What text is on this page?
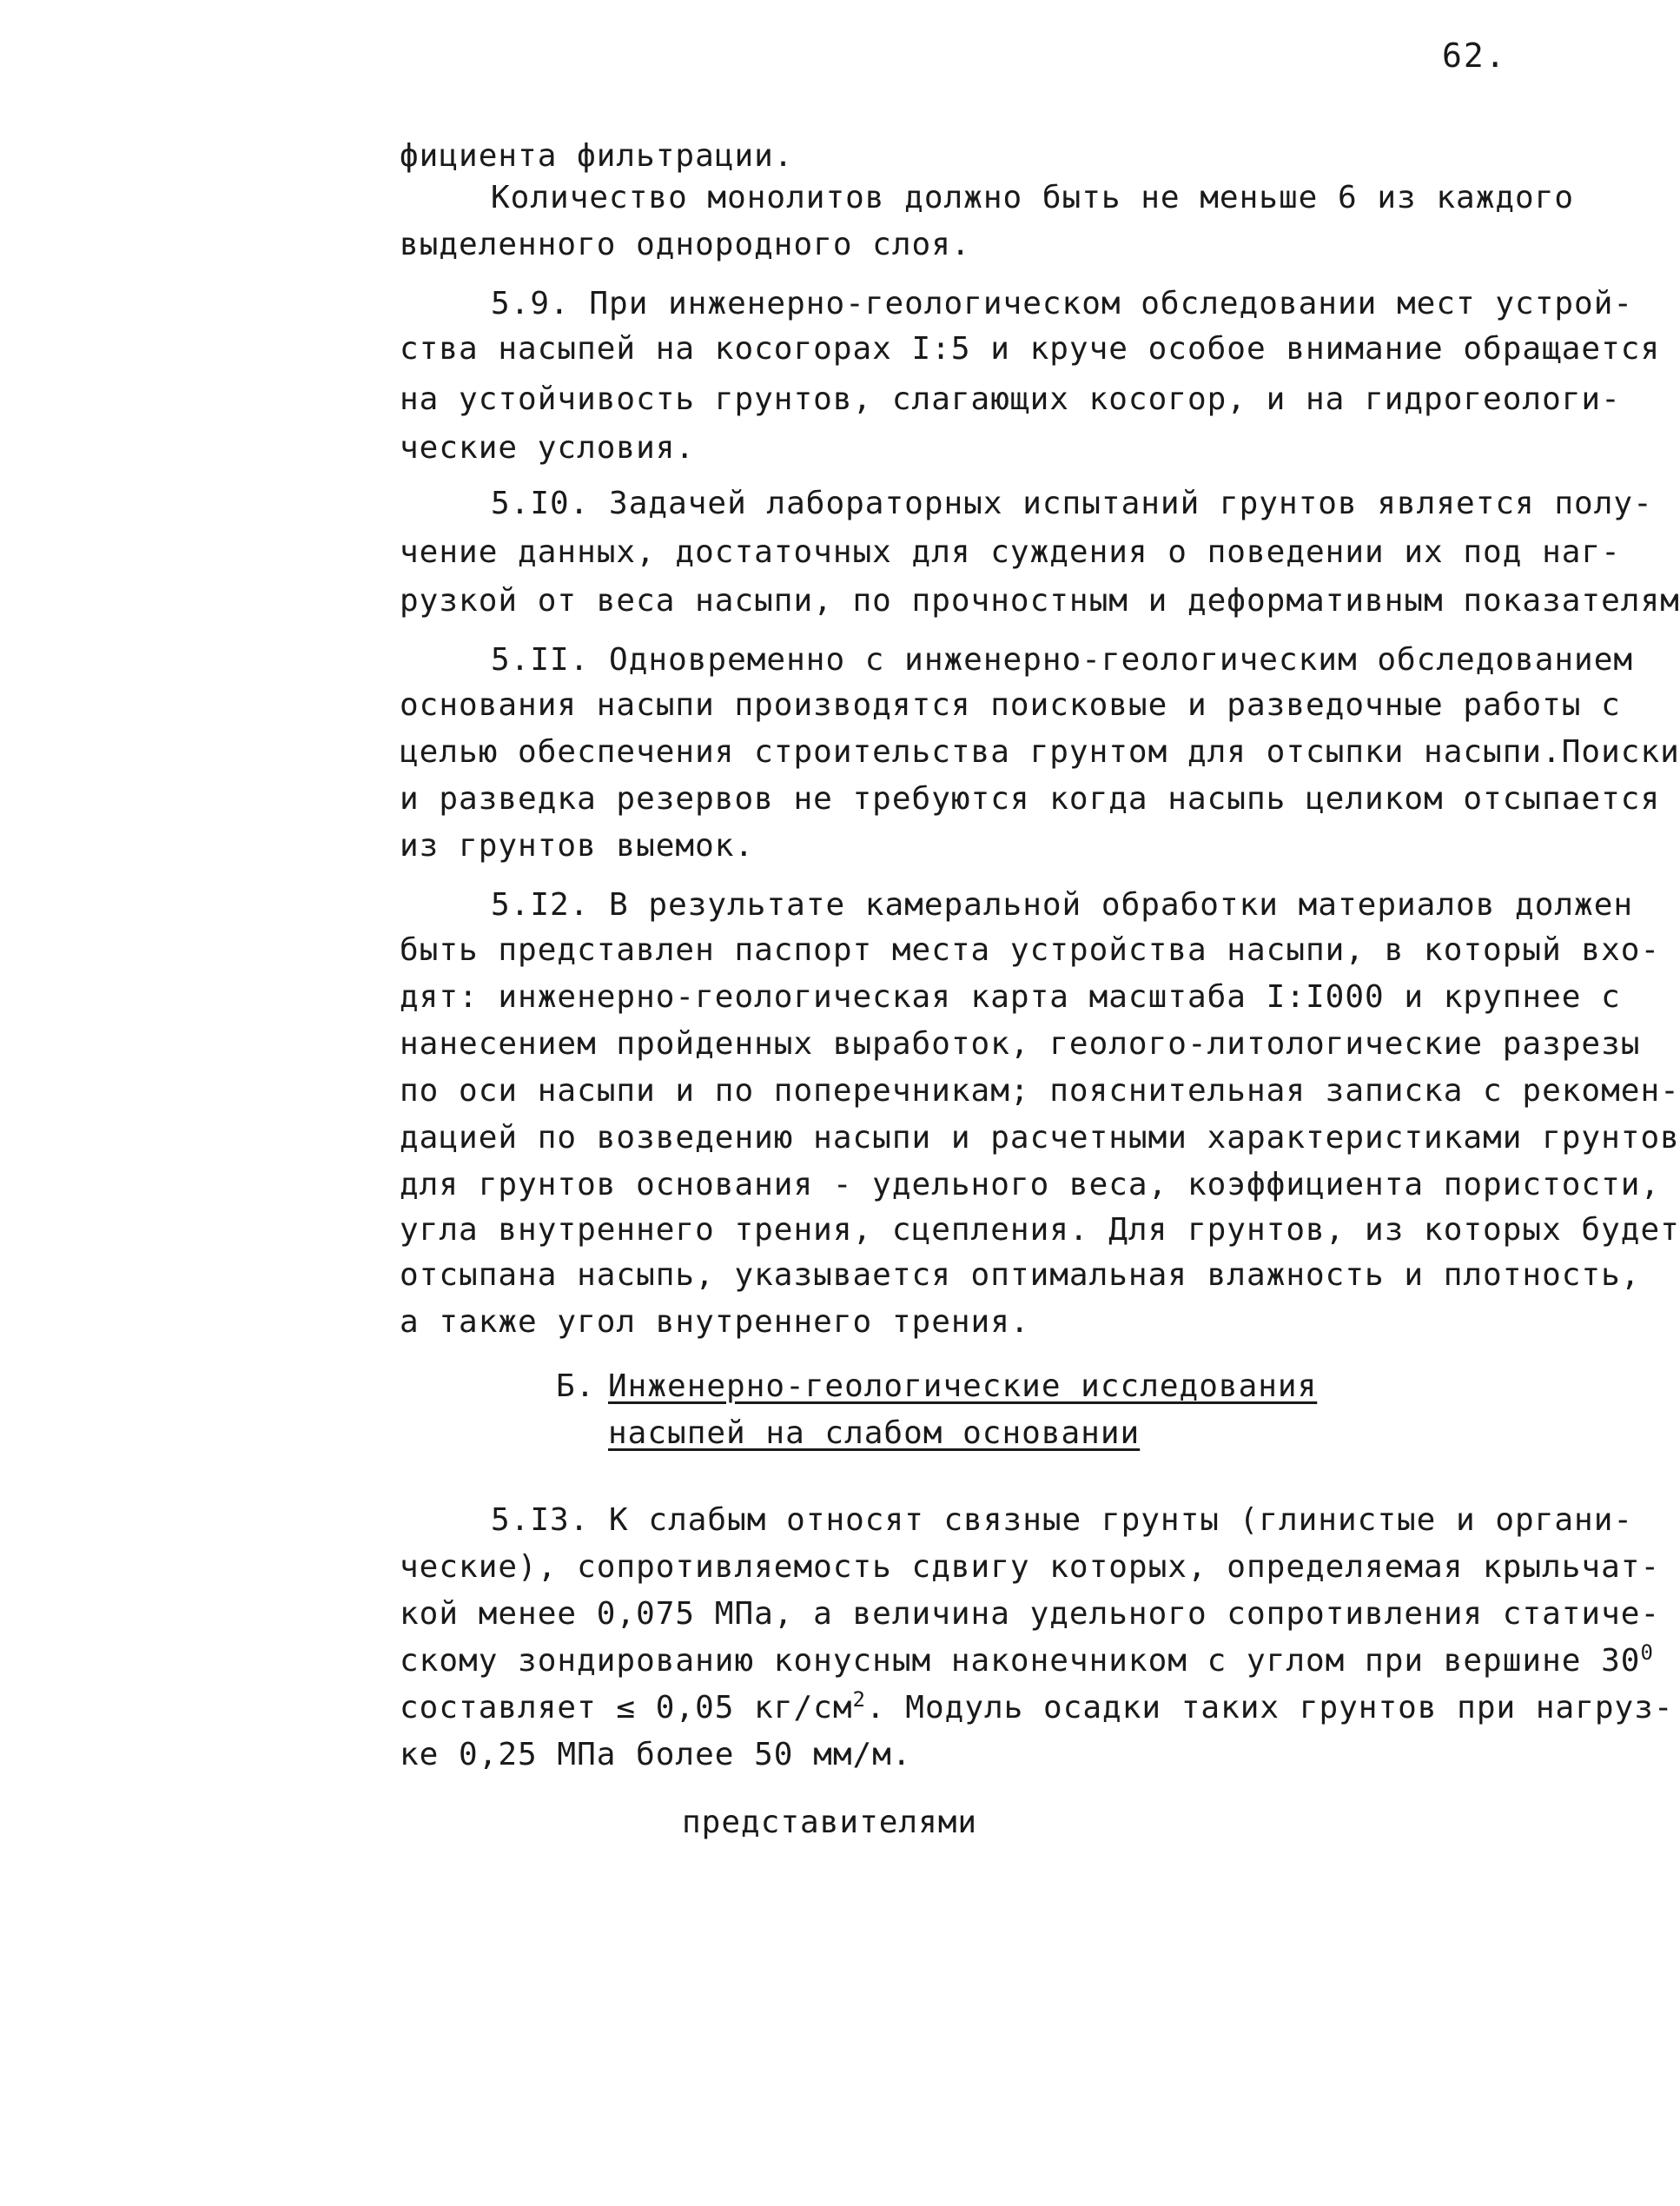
62.
фициента фильтрации.
Количество монолитов должно быть не меньше 6 из каждого
выделенного однородного слоя.
5.9. При инженерно-геологическом обследовании мест устрой-
ства насыпей на косогорах I:5 и круче особое внимание обращается
на устойчивость грунтов, слагающих косогор, и на гидрогеологи-
ческие условия.
5.I0. Задачей лабораторных испытаний грунтов является полу-
чение данных, достаточных для суждения о поведении их под наг-
рузкой от веса насыпи, по прочностным и деформативным показателям
5.II. Одновременно с инженерно-геологическим обследованием
основания насыпи производятся поисковые и разведочные работы с
целью обеспечения строительства грунтом для отсыпки насыпи.Поиски
и разведка резервов не требуются когда насыпь целиком отсыпается
из грунтов выемок.
5.I2. В результате камеральной обработки материалов должен
быть представлен паспорт места устройства насыпи, в который вхо-
дят: инженерно-геологическая карта масштаба I:I000 и крупнее с
нанесением пройденных выработок, геолого-литологические разрезы
по оси насыпи и по поперечникам; пояснительная записка с рекомен-
дацией по возведению насыпи и расчетными характеристиками грунтов
для грунтов основания - удельного веса, коэффициента пористости,
угла внутреннего трения, сцепления. Для грунтов, из которых будет
отсыпана насыпь, указывается оптимальная влажность и плотность,
а также угол внутреннего трения.
Б. Инженерно-геологические исследования
насыпей на слабом основании
5.I3. К слабым относят связные грунты (глинистые и органи-
ческие), сопротивляемость сдвигу которых, определяемая крыльчат-
кой менее 0,075 МПа, а величина удельного сопротивления статиче-
скому зондированию конусным наконечником с углом при вершине $30^0$
составляет ≤ 0,05 $кг/см^2$. Модуль осадки таких грунтов при нагруз-
ке 0,25 МПа более 50 мм/м.
представителями
